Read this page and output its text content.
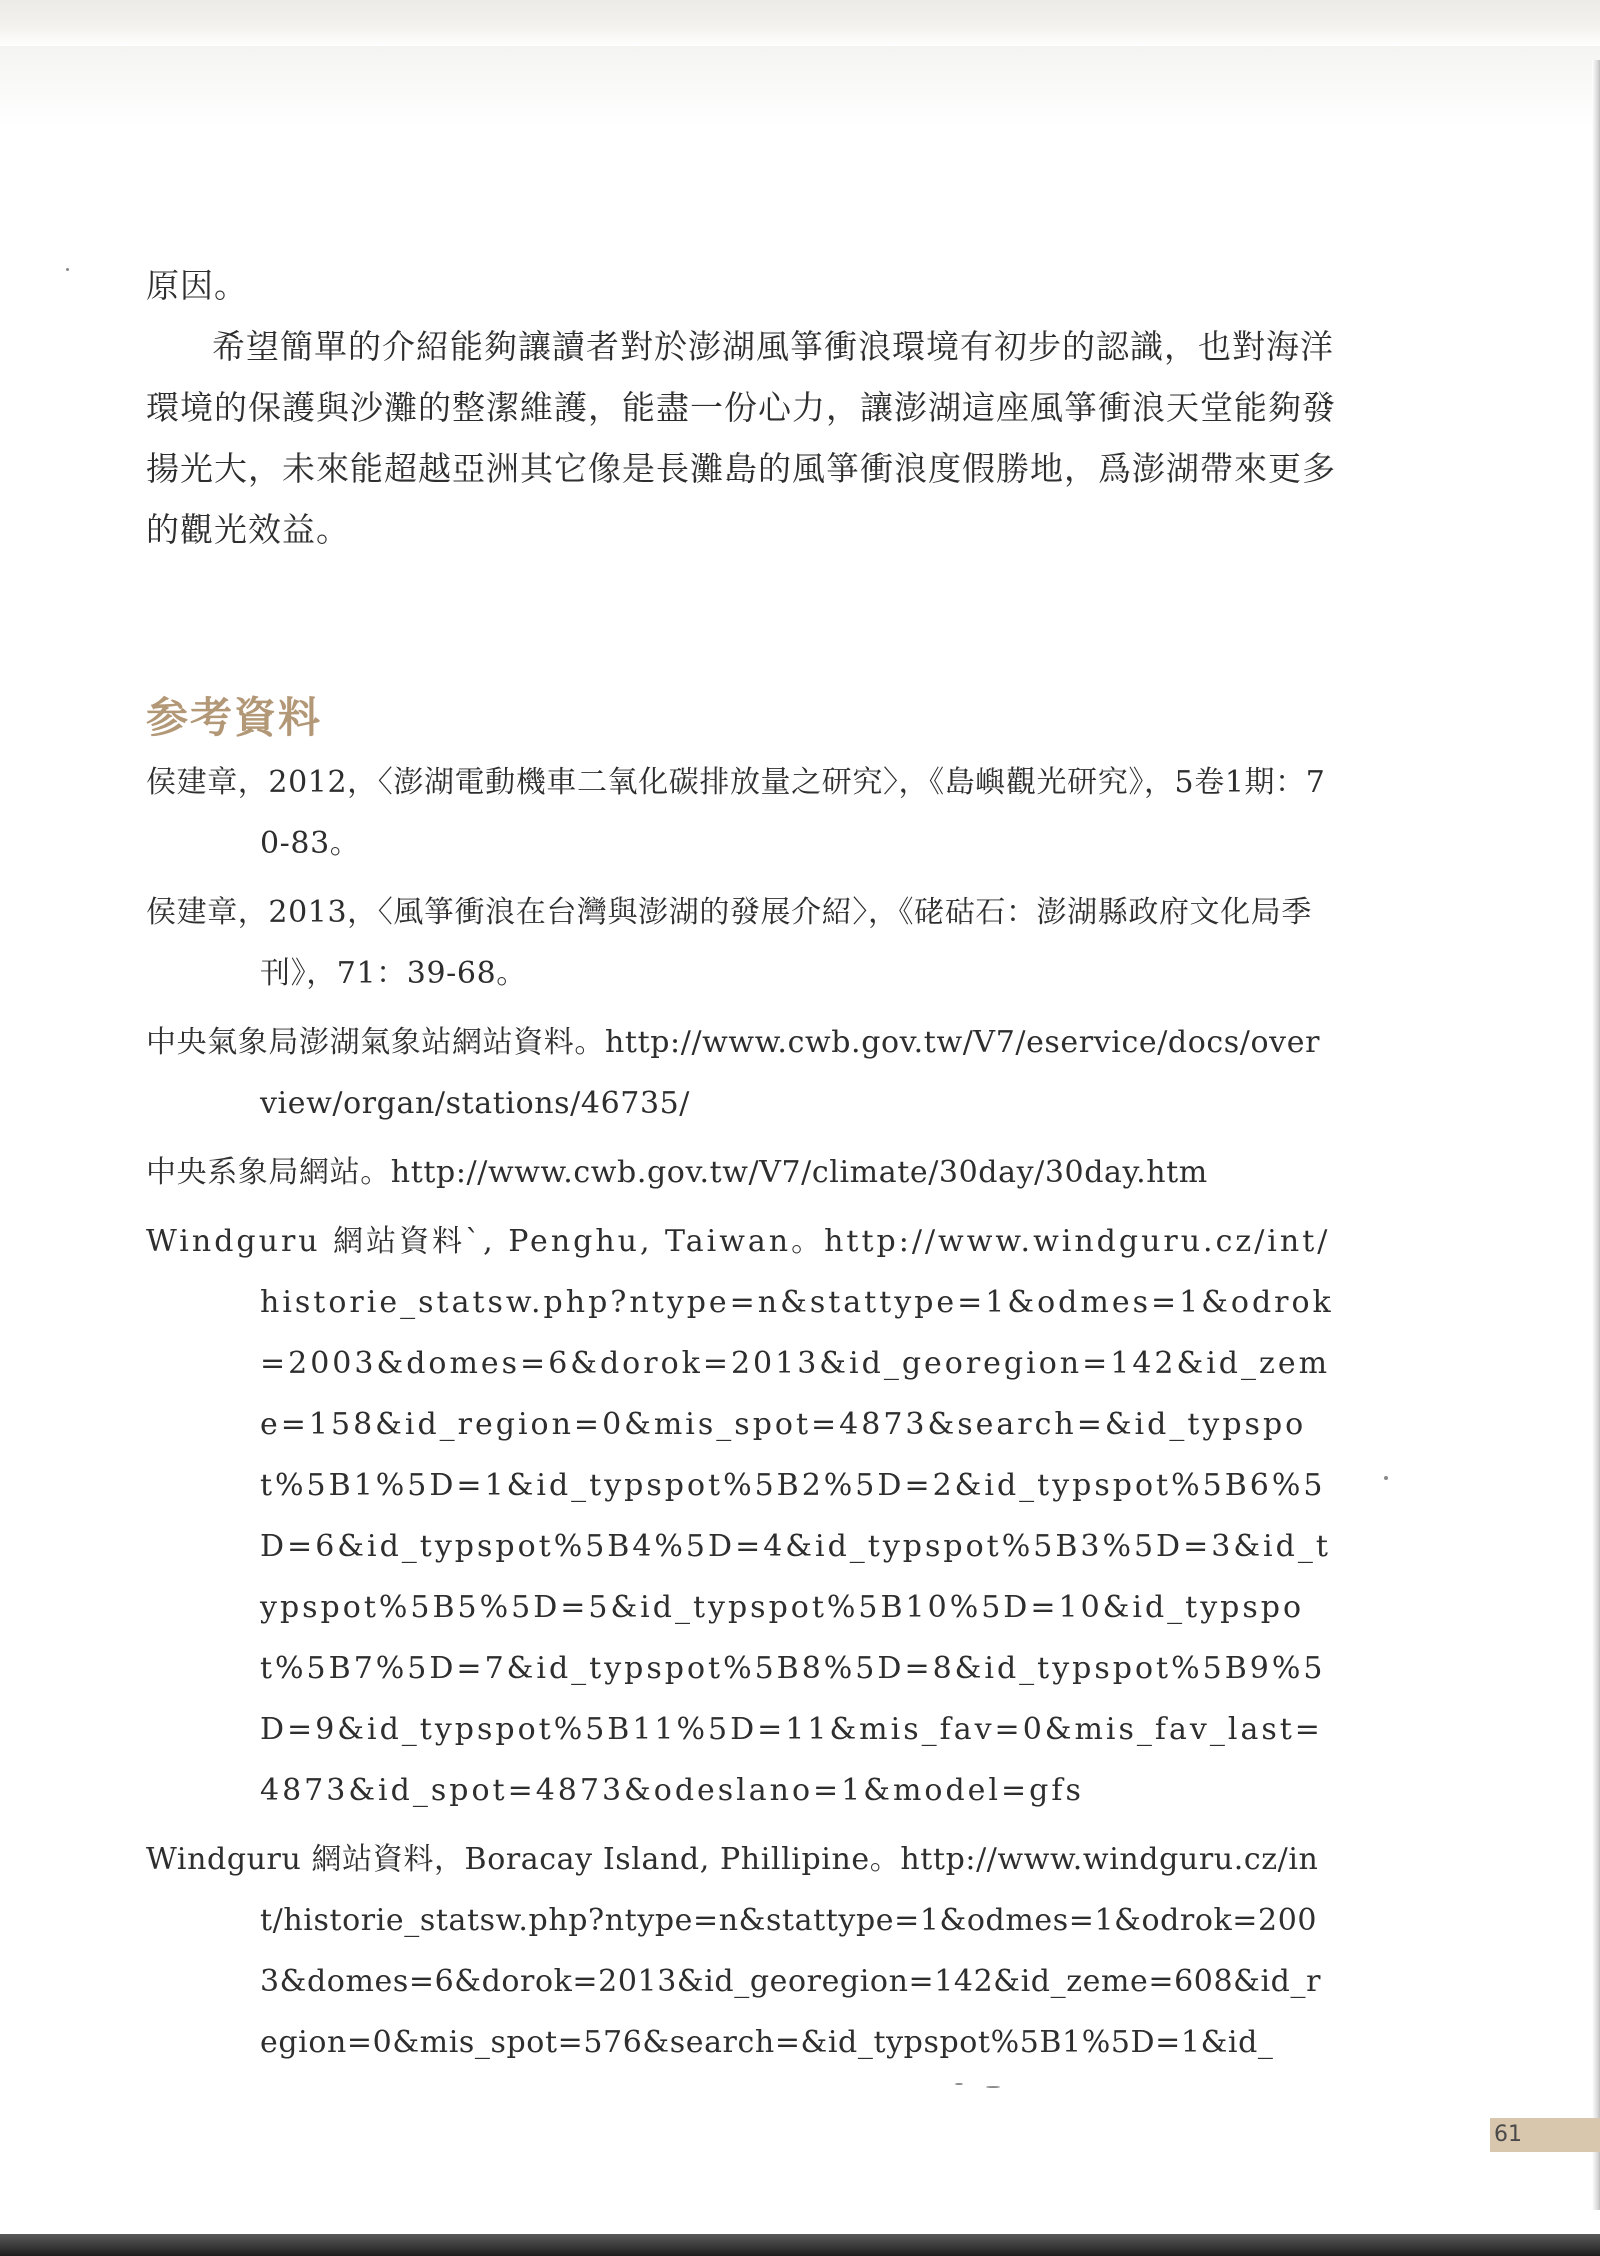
原因。

希望簡單的介紹能夠讓讀者對於澎湖風箏衝浪環境有初步的認識，也對海洋環境的保護與沙灘的整潔維護，能盡一份心力，讓澎湖這座風箏衝浪天堂能夠發揚光大，未來能超越亞洲其它像是長灘島的風箏衝浪度假勝地，爲澎湖帶來更多的觀光效益。

参考資料

侯建章，2012，〈澎湖電動機車二氧化碳排放量之研究〉，《島嶼觀光研究》，5卷1期：70-83。

侯建章，2013，〈風箏衝浪在台灣與澎湖的發展介紹〉，《硓𥑮石：澎湖縣政府文化局季刊》，71：39-68。

中央氣象局澎湖氣象站網站資料。http://www.cwb.gov.tw/V7/eservice/docs/overview/organ/stations/46735/

中央系象局網站。http://www.cwb.gov.tw/V7/climate/30day/30day.htm

Windguru 網站資料`, Penghu, Taiwan。http://www.windguru.cz/int/historie_statsw.php?ntype=n&stattype=1&odmes=1&odrok=2003&domes=6&dorok=2013&id_georegion=142&id_zeme=158&id_region=0&mis_spot=4873&search=&id_typspot%5B1%5D=1&id_typspot%5B2%5D=2&id_typspot%5B6%5D=6&id_typspot%5B4%5D=4&id_typspot%5B3%5D=3&id_typspot%5B5%5D=5&id_typspot%5B10%5D=10&id_typspot%5B7%5D=7&id_typspot%5B8%5D=8&id_typspot%5B9%5D=9&id_typspot%5B11%5D=11&mis_fav=0&mis_fav_last=4873&id_spot=4873&odeslano=1&model=gfs

Windguru 網站資料，Boracay Island, Phillipine。http://www.windguru.cz/int/historie_statsw.php?ntype=n&stattype=1&odmes=1&odrok=2003&domes=6&dorok=2013&id_georegion=142&id_zeme=608&id_region=0&mis_spot=576&search=&id_typspot%5B1%5D=1&id_

61
